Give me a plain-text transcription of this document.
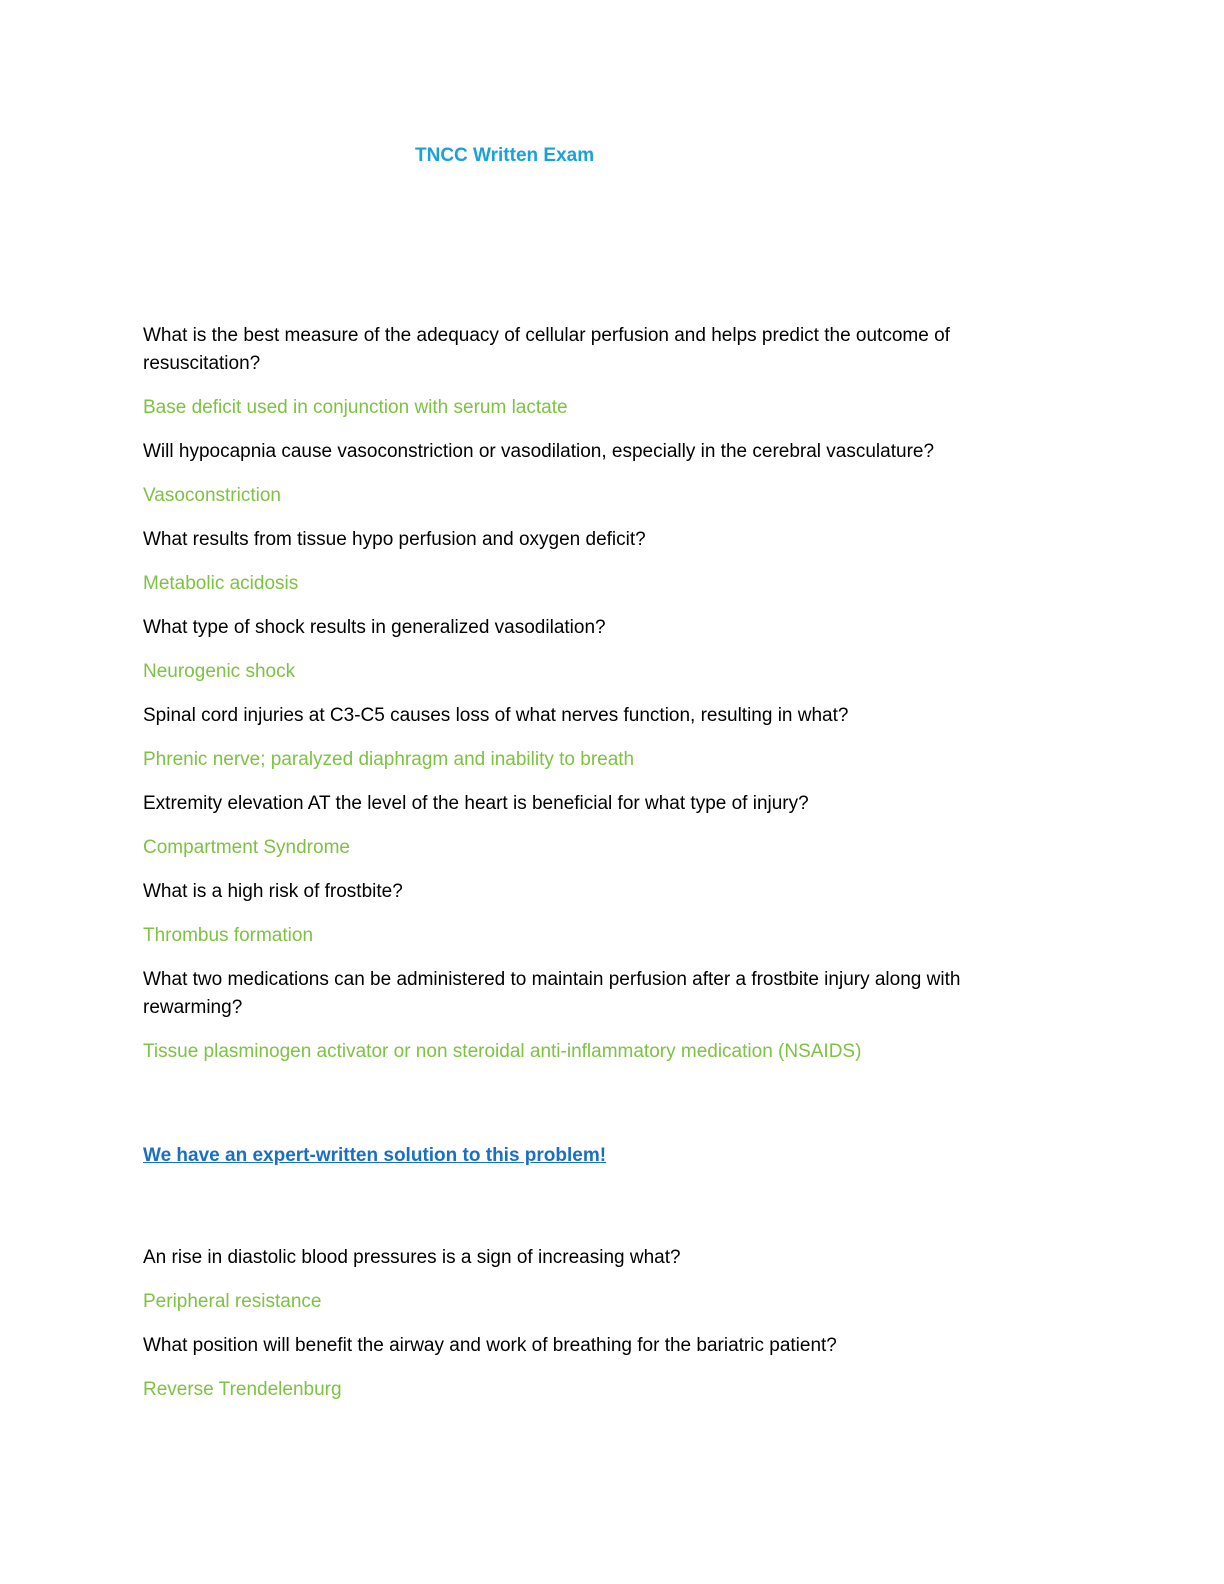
TNCC Written Exam

What is the best measure of the adequacy of cellular perfusion and helps predict the outcome of resuscitation?

Base deficit used in conjunction with serum lactate

Will hypocapnia cause vasoconstriction or vasodilation, especially in the cerebral vasculature?

Vasoconstriction

What results from tissue hypo perfusion and oxygen deficit?

Metabolic acidosis

What type of shock results in generalized vasodilation?

Neurogenic shock

Spinal cord injuries at C3-C5 causes loss of what nerves function, resulting in what?

Phrenic nerve; paralyzed diaphragm and inability to breath

Extremity elevation AT the level of the heart is beneficial for what type of injury?

Compartment Syndrome

What is a high risk of frostbite?

Thrombus formation

What two medications can be administered to maintain perfusion after a frostbite injury along with rewarming?

Tissue plasminogen activator or non steroidal anti-inflammatory medication (NSAIDS)

We have an expert-written solution to this problem!

An rise in diastolic blood pressures is a sign of increasing what?

Peripheral resistance

What position will benefit the airway and work of breathing for the bariatric patient?

Reverse Trendelenburg
